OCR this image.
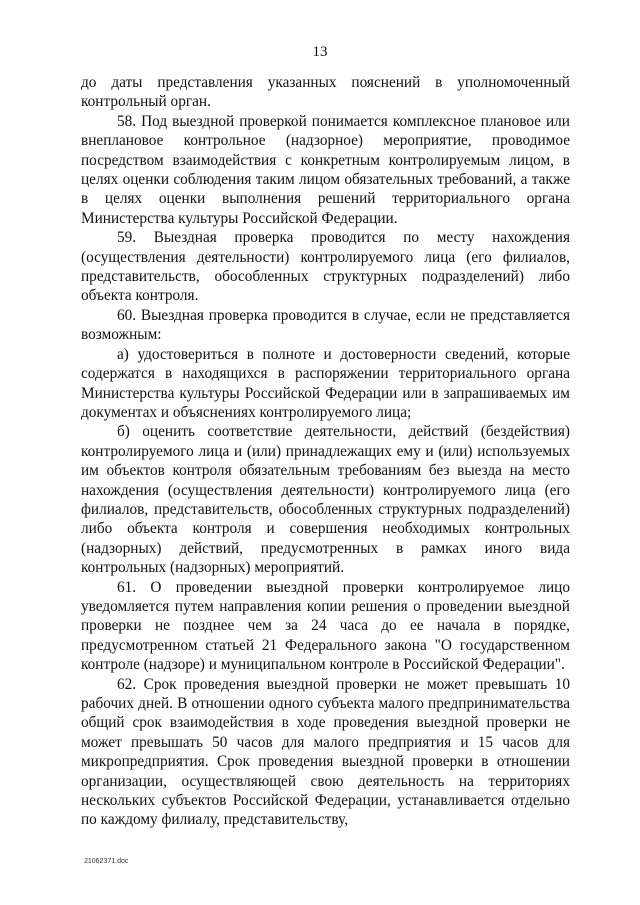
13

до даты представления указанных пояснений в уполномоченный контрольный орган.

58. Под выездной проверкой понимается комплексное плановое или внеплановое контрольное (надзорное) мероприятие, проводимое посредством взаимодействия с конкретным контролируемым лицом, в целях оценки соблюдения таким лицом обязательных требований, а также в целях оценки выполнения решений территориального органа Министерства культуры Российской Федерации.

59. Выездная проверка проводится по месту нахождения (осуществления деятельности) контролируемого лица (его филиалов, представительств, обособленных структурных подразделений) либо объекта контроля.

60. Выездная проверка проводится в случае, если не представляется возможным:

а) удостовериться в полноте и достоверности сведений, которые содержатся в находящихся в распоряжении территориального органа Министерства культуры Российской Федерации или в запрашиваемых им документах и объяснениях контролируемого лица;

б) оценить соответствие деятельности, действий (бездействия) контролируемого лица и (или) принадлежащих ему и (или) используемых им объектов контроля обязательным требованиям без выезда на место нахождения (осуществления деятельности) контролируемого лица (его филиалов, представительств, обособленных структурных подразделений) либо объекта контроля и совершения необходимых контрольных (надзорных) действий, предусмотренных в рамках иного вида контрольных (надзорных) мероприятий.

61. О проведении выездной проверки контролируемое лицо уведомляется путем направления копии решения о проведении выездной проверки не позднее чем за 24 часа до ее начала в порядке, предусмотренном статьей 21 Федерального закона "О государственном контроле (надзоре) и муниципальном контроле в Российской Федерации".

62. Срок проведения выездной проверки не может превышать 10 рабочих дней. В отношении одного субъекта малого предпринимательства общий срок взаимодействия в ходе проведения выездной проверки не может превышать 50 часов для малого предприятия и 15 часов для микропредприятия. Срок проведения выездной проверки в отношении организации, осуществляющей свою деятельность на территориях нескольких субъектов Российской Федерации, устанавливается отдельно по каждому филиалу, представительству,

21062371.doc
